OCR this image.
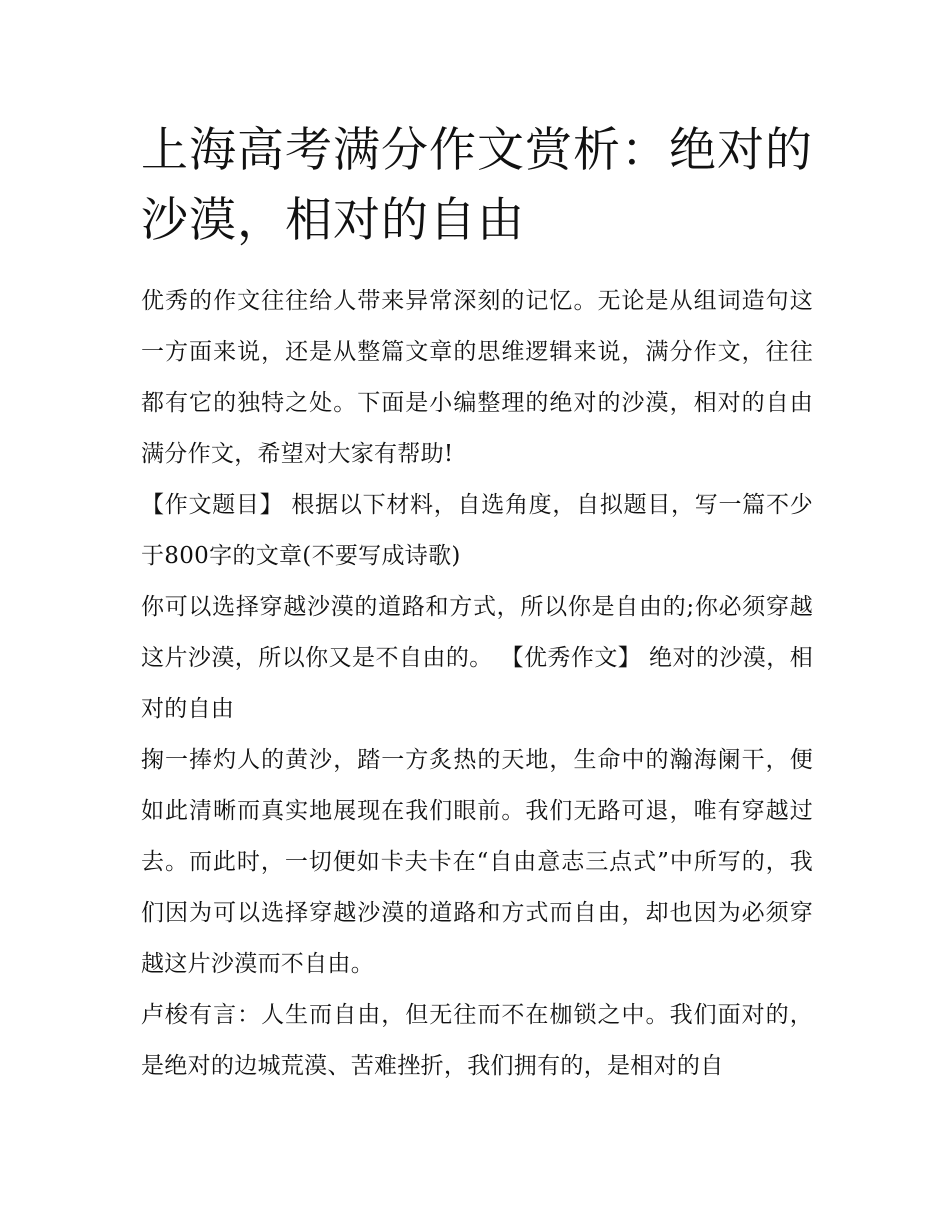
上海高考满分作文赏析：绝对的沙漠，相对的自由

优秀的作文往往给人带来异常深刻的记忆。无论是从组词造句这一方面来说，还是从整篇文章的思维逻辑来说，满分作文，往往都有它的独特之处。下面是小编整理的绝对的沙漠，相对的自由满分作文，希望对大家有帮助!

【作文题目】 根据以下材料，自选角度，自拟题目，写一篇不少于800字的文章(不要写成诗歌)

你可以选择穿越沙漠的道路和方式，所以你是自由的;你必须穿越这片沙漠，所以你又是不自由的。 【优秀作文】 绝对的沙漠，相对的自由

掬一捧灼人的黄沙，踏一方炙热的天地，生命中的瀚海阑干，便如此清晰而真实地展现在我们眼前。我们无路可退，唯有穿越过去。而此时，一切便如卡夫卡在“自由意志三点式”中所写的，我们因为可以选择穿越沙漠的道路和方式而自由，却也因为必须穿越这片沙漠而不自由。

卢梭有言：人生而自由，但无往而不在枷锁之中。我们面对的，是绝对的边城荒漠、苦难挫折，我们拥有的，是相对的自
